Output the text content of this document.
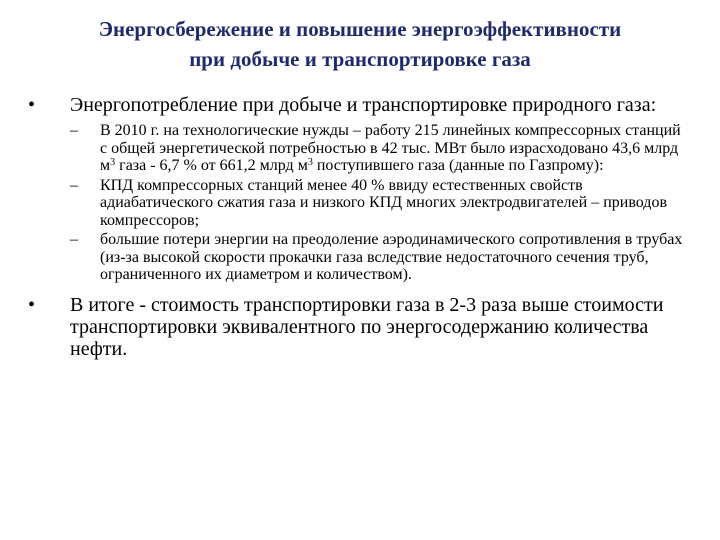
Энергосбережение и повышение энергоэффективности
при добыче и транспортировке газа
•	Энергопотребление при добыче и транспортировке природного газа:
–	В 2010 г. на технологические нужды – работу 215 линейных компрессорных станций с общей энергетической потребностью в 42 тыс. МВт было израсходовано 43,6 млрд $м^3$ газа - 6,7 % от 661,2 млрд $м^3$ поступившего газа (данные по Газпрому):
–	КПД компрессорных станций менее 40 % ввиду естественных свойств адиабатического сжатия газа и низкого КПД многих электродвигателей – приводов компрессоров;
–	большие потери энергии на преодоление аэродинамического сопротивления в трубах (из-за высокой скорости прокачки газа вследствие недостаточного сечения труб, ограниченного их диаметром и количеством).
•	В итоге - стоимость транспортировки газа в 2-3 раза выше стоимости транспортировки эквивалентного по энергосодержанию количества нефти.
